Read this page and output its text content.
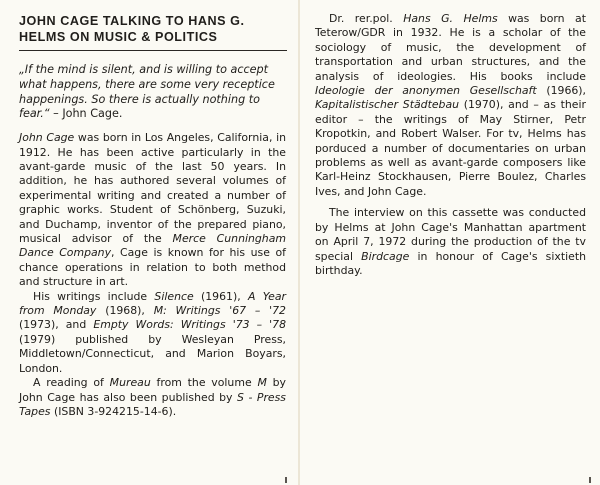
JOHN CAGE TALKING TO HANS G. HELMS ON MUSIC & POLITICS

„If the mind is silent, and is willing to accept what happens, there are some very receptice happenings. So there is actually nothing to fear.“ – John Cage.

John Cage was born in Los Angeles, California, in 1912. He has been active particularly in the avant-garde music of the last 50 years. In addition, he has authored several volumes of experimental writing and created a number of graphic works. Student of Schönberg, Suzuki, and Duchamp, inventor of the prepared piano, musical advisor of the Merce Cunningham Dance Company, Cage is known for his use of chance operations in relation to both method and structure in art.

His writings include Silence (1961), A Year from Monday (1968), M: Writings '67 – '72 (1973), and Empty Words: Writings '73 – '78 (1979) published by Wesleyan Press, Middletown/Connecticut, and Marion Boyars, London.

A reading of Mureau from the volume M by John Cage has also been published by S - Press Tapes (ISBN 3-924215-14-6).

Dr. rer.pol. Hans G. Helms was born at Teterow/GDR in 1932. He is a scholar of the sociology of music, the development of transportation and urban structures, and the analysis of ideologies. His books include Ideologie der anonymen Gesellschaft (1966), Kapitalistischer Städtebau (1970), and – as their editor – the writings of May Stirner, Petr Kropotkin, and Robert Walser. For tv, Helms has porduced a number of documentaries on urban problems as well as avant-garde composers like Karl-Heinz Stockhausen, Pierre Boulez, Charles Ives, and John Cage.

The interview on this cassette was conducted by Helms at John Cage's Manhattan apartment on April 7, 1972 during the production of the tv special Birdcage in honour of Cage's sixtieth birthday.
